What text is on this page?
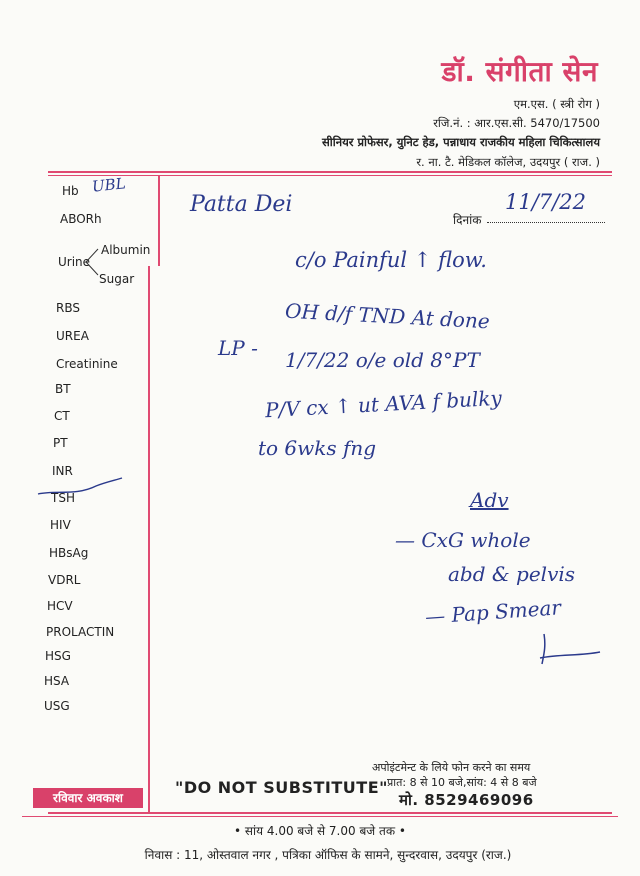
डॉ. संगीता सेन
एम.एस. ( स्त्री रोग )
रजि.नं. : आर.एस.सी. 5470/17500
सीनियर प्रोफेसर, युनिट हेड, पन्नाधाय राजकीय महिला चिकित्सालय
र. ना. टै. मेडिकल कॉलेज, उदयपुर ( राज. )
Hb
ABORh
Urine
Albumin
Sugar
RBS
UREA
Creatinine
BT
CT
PT
INR
TSH
HIV
HBsAg
VDRL
HCV
PROLACTIN
HSG
HSA
USG
UBL
दिनांक
Patta Dei	11/7/22
c/o Painful ↑ flow.
OH d/f TND At done
LP - 1/7/22 o/e old 8°PT
P/V cx ↑ ut AVA f bulky
to 6wks fng
Adv
— CxG whole
abd & pelvis
— Pap Smear
"DO NOT SUBSTITUTE"
अपोइंटमेन्ट के लिये फोन करने का समय
प्रात: 8 से 10 बजे,सांय: 4 से 8 बजे
मो. 8529469096
रविवार अवकाश
• सांय 4.00 बजे से 7.00 बजे तक •
निवास : 11, ओस्तवाल नगर , पत्रिका ऑफिस के सामने, सुन्दरवास, उदयपुर (राज.)
